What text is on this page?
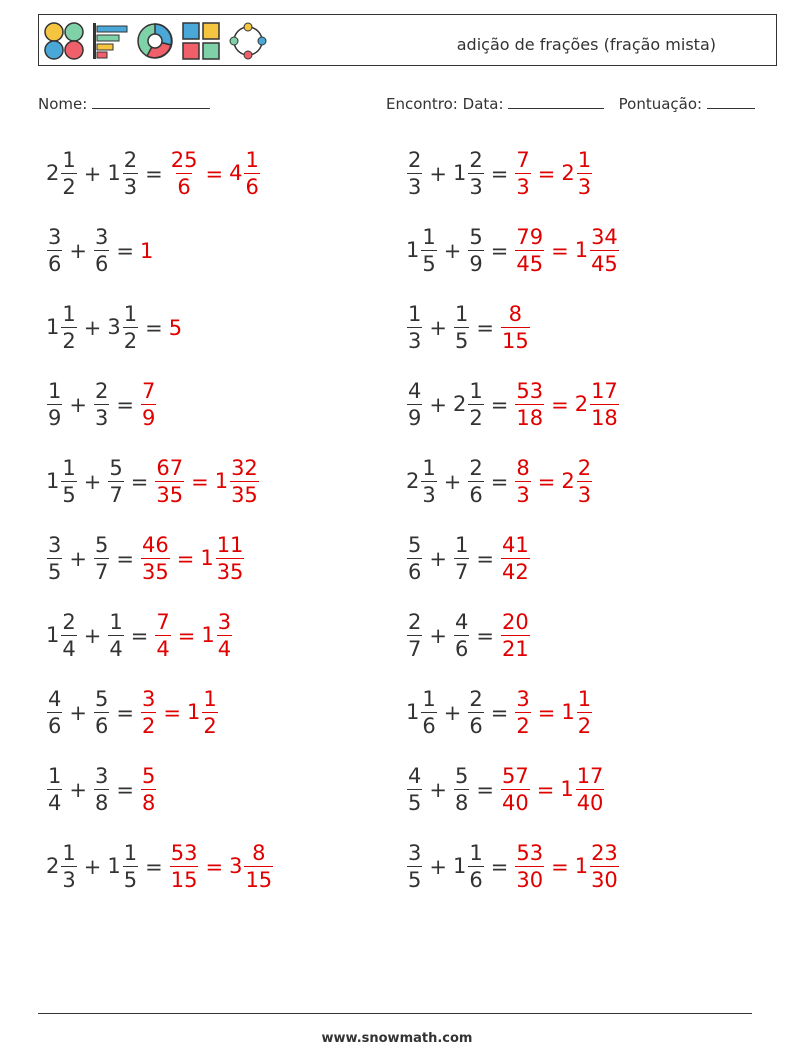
adição de frações (fração mista)
Nome:	Encontro: Data:	Pontuação:
$2 \frac{1}{2} + 1 \frac{2}{3} = \frac{25}{6} = 4 \frac{1}{6}$	$\frac{2}{3} + 1 \frac{2}{3} = \frac{7}{3} = 2 \frac{1}{3}$
$\frac{3}{6} + \frac{3}{6} = 1$	$1 \frac{1}{5} + \frac{5}{9} = \frac{79}{45} = 1 \frac{34}{45}$
$1 \frac{1}{2} + 3 \frac{1}{2} = 5$	$\frac{1}{3} + \frac{1}{5} = \frac{8}{15}$
$\frac{1}{9} + \frac{2}{3} = \frac{7}{9}$	$\frac{4}{9} + 2 \frac{1}{2} = \frac{53}{18} = 2 \frac{17}{18}$
$1 \frac{1}{5} + \frac{5}{7} = \frac{67}{35} = 1 \frac{32}{35}$	$2 \frac{1}{3} + \frac{2}{6} = \frac{8}{3} = 2 \frac{2}{3}$
$\frac{3}{5} + \frac{5}{7} = \frac{46}{35} = 1 \frac{11}{35}$	$\frac{5}{6} + \frac{1}{7} = \frac{41}{42}$
$1 \frac{2}{4} + \frac{1}{4} = \frac{7}{4} = 1 \frac{3}{4}$	$\frac{2}{7} + \frac{4}{6} = \frac{20}{21}$
$\frac{4}{6} + \frac{5}{6} = \frac{3}{2} = 1 \frac{1}{2}$	$1 \frac{1}{6} + \frac{2}{6} = \frac{3}{2} = 1 \frac{1}{2}$
$\frac{1}{4} + \frac{3}{8} = \frac{5}{8}$	$\frac{4}{5} + \frac{5}{8} = \frac{57}{40} = 1 \frac{17}{40}$
$2 \frac{1}{3} + 1 \frac{1}{5} = \frac{53}{15} = 3 \frac{8}{15}$	$\frac{3}{5} + 1 \frac{1}{6} = \frac{53}{30} = 1 \frac{23}{30}$
www.snowmath.com
